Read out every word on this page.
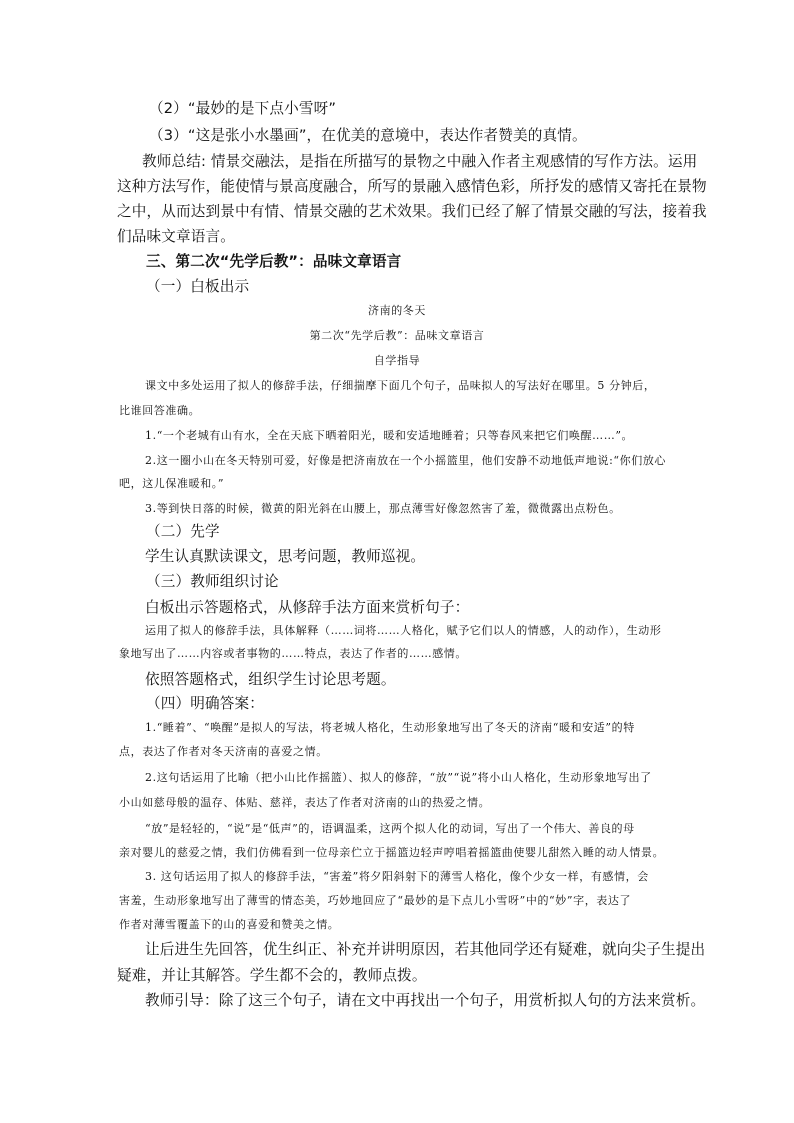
（2）“最妙的是下点小雪呀”
（3）“这是张小水墨画”，在优美的意境中，表达作者赞美的真情。
教师总结: 情景交融法，是指在所描写的景物之中融入作者主观感情的写作方法。运用
这种方法写作，能使情与景高度融合，所写的景融入感情色彩，所抒发的感情又寄托在景物
之中，从而达到景中有情、情景交融的艺术效果。我们已经了解了情景交融的写法，接着我
们品味文章语言。
三、第二次“先学后教”：品味文章语言
（一）白板出示
济南的冬天
第二次“先学后教”：品味文章语言
自学指导
课文中多处运用了拟人的修辞手法，仔细揣摩下面几个句子，品味拟人的写法好在哪里。5 分钟后，
比谁回答准确。
1.“一个老城有山有水，全在天底下晒着阳光，暖和安适地睡着；只等春风来把它们唤醒……”。
2.这一圈小山在冬天特别可爱，好像是把济南放在一个小摇篮里，他们安静不动地低声地说:“你们放心
吧，这儿保准暖和。”
3.等到快日落的时候，微黄的阳光斜在山腰上，那点薄雪好像忽然害了羞，微微露出点粉色。
（二）先学
学生认真默读课文，思考问题，教师巡视。
（三）教师组织讨论
白板出示答题格式，从修辞手法方面来赏析句子：
运用了拟人的修辞手法，具体解释（……词将……人格化，赋予它们以人的情感，人的动作），生动形
象地写出了……内容或者事物的……特点，表达了作者的……感情。
依照答题格式，组织学生讨论思考题。
（四）明确答案：
1.“睡着”、“唤醒”是拟人的写法，将老城人格化，生动形象地写出了冬天的济南“暖和安适”的特
点，表达了作者对冬天济南的喜爱之情。
2.这句话运用了比喻（把小山比作摇篮）、拟人的修辞，“放”“说”将小山人格化，生动形象地写出了
小山如慈母般的温存、体贴、慈祥，表达了作者对济南的山的热爱之情。
“放”是轻轻的，“说”是“低声”的，语调温柔，这两个拟人化的动词，写出了一个伟大、善良的母
亲对婴儿的慈爱之情，我们仿佛看到一位母亲伫立于摇篮边轻声哼唱着摇篮曲使婴儿甜然入睡的动人情景。
3. 这句话运用了拟人的修辞手法，“害羞”将夕阳斜射下的薄雪人格化，像个少女一样，有感情，会
害羞，生动形象地写出了薄雪的情态美，巧妙地回应了“最妙的是下点儿小雪呀”中的“妙”字，表达了
作者对薄雪覆盖下的山的喜爱和赞美之情。
让后进生先回答，优生纠正、补充并讲明原因，若其他同学还有疑难，就向尖子生提出
疑难，并让其解答。学生都不会的，教师点拨。
教师引导：除了这三个句子，请在文中再找出一个句子，用赏析拟人句的方法来赏析。
